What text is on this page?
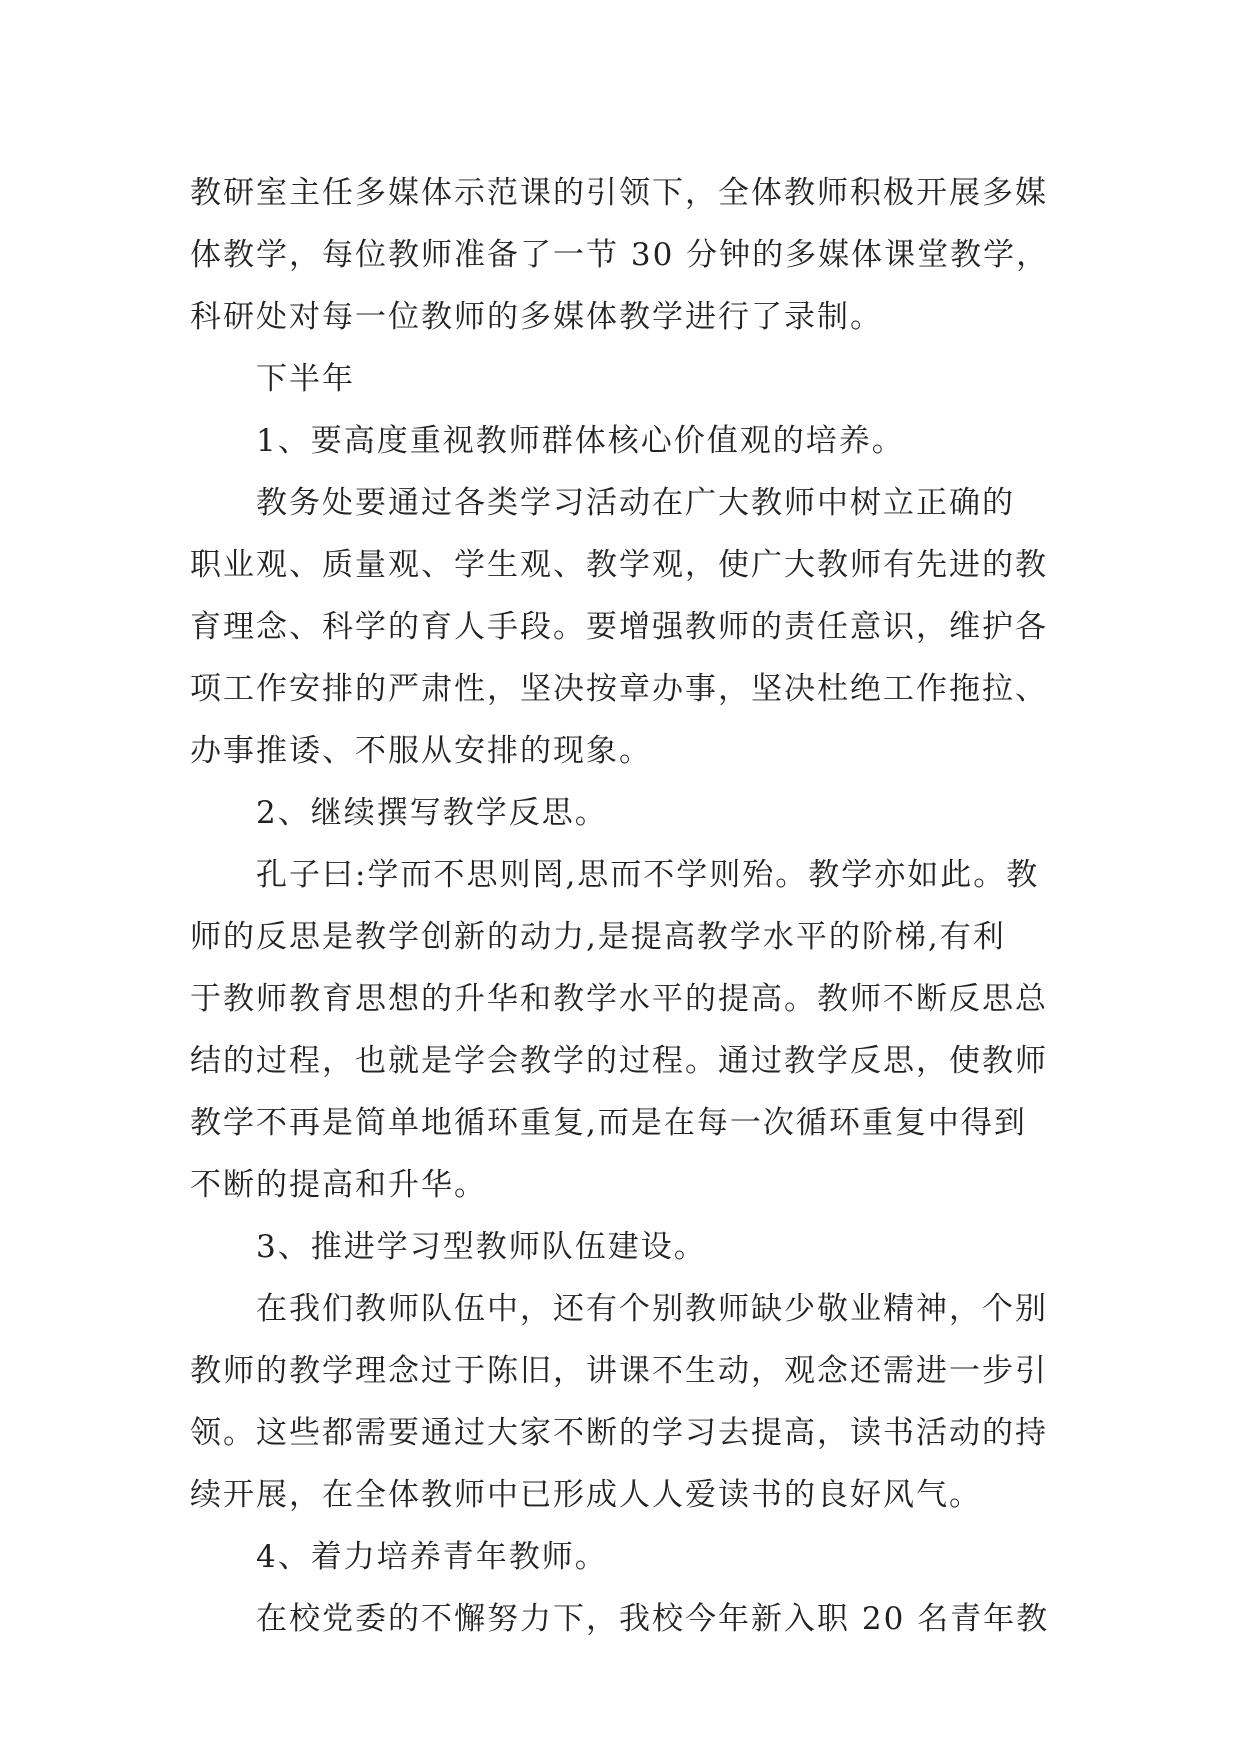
教研室主任多媒体示范课的引领下，全体教师积极开展多媒
体教学，每位教师准备了一节 30 分钟的多媒体课堂教学，
科研处对每一位教师的多媒体教学进行了录制。
下半年
1、要高度重视教师群体核心价值观的培养。
教务处要通过各类学习活动在广大教师中树立正确的
职业观、质量观、学生观、教学观，使广大教师有先进的教
育理念、科学的育人手段。要增强教师的责任意识，维护各
项工作安排的严肃性，坚决按章办事，坚决杜绝工作拖拉、
办事推诿、不服从安排的现象。
2、继续撰写教学反思。
孔子曰:学而不思则罔,思而不学则殆。教学亦如此。教
师的反思是教学创新的动力,是提高教学水平的阶梯,有利
于教师教育思想的升华和教学水平的提高。教师不断反思总
结的过程，也就是学会教学的过程。通过教学反思，使教师
教学不再是简单地循环重复,而是在每一次循环重复中得到
不断的提高和升华。
3、推进学习型教师队伍建设。
在我们教师队伍中，还有个别教师缺少敬业精神，个别
教师的教学理念过于陈旧，讲课不生动，观念还需进一步引
领。这些都需要通过大家不断的学习去提高，读书活动的持
续开展，在全体教师中已形成人人爱读书的良好风气。
4、着力培养青年教师。
在校党委的不懈努力下，我校今年新入职 20 名青年教
